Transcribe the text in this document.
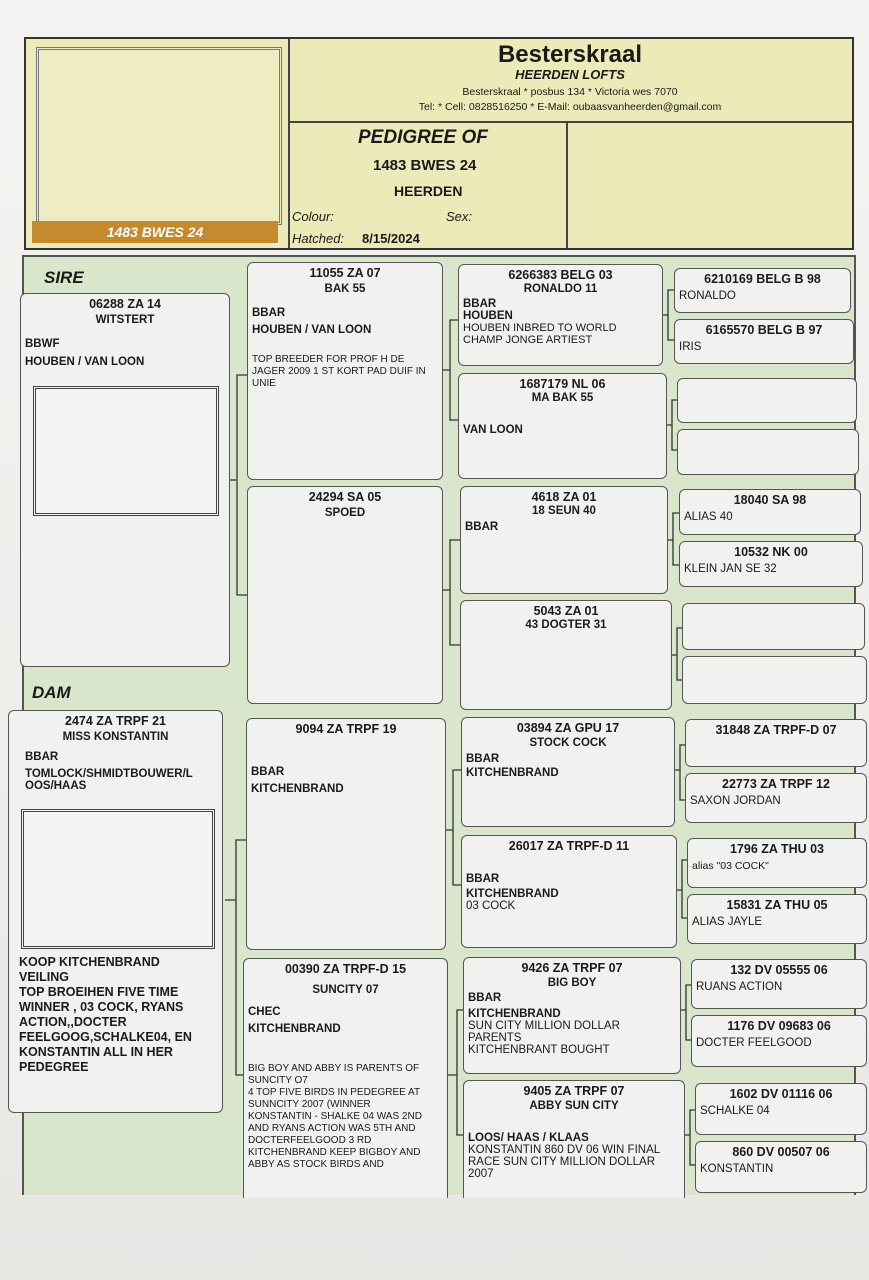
1483 BWES 24
Besterskraal
HEERDEN LOFTS
Besterskraal * posbus 134 * Victoria wes 7070
Tel: * Cell: 0828516250 * E-Mail: oubaasvanheerden@gmail.com
PEDIGREE OF
1483 BWES 24
HEERDEN
Colour:	Sex:
Hatched: 8/15/2024
SIRE
DAM
06288 ZA 14
WITSTERT
BBWF
HOUBEN / VAN LOON
2474 ZA TRPF 21
MISS KONSTANTIN
BBAR
TOMLOCK/SHMIDTBOUWER/L
OOS/HAAS
KOOP KITCHENBRAND
VEILING
TOP BROEIHEN FIVE TIME
WINNER , 03 COCK, RYANS
ACTION,,DOCTER
FEELGOOG,SCHALKE04, EN
KONSTANTIN ALL IN HER
PEDEGREE
11055 ZA 07
BAK 55
BBAR
HOUBEN / VAN LOON
TOP BREEDER FOR PROF H DE
JAGER 2009 1 ST KORT PAD DUIF IN
UNIE
24294 SA 05
SPOED
9094 ZA TRPF 19
BBAR
KITCHENBRAND
00390 ZA TRPF-D 15
SUNCITY 07
CHEC
KITCHENBRAND
BIG BOY AND ABBY IS PARENTS OF
SUNCITY O7
4 TOP FIVE BIRDS IN PEDEGREE AT
SUNNCITY 2007 (WINNER
KONSTANTIN - SHALKE 04 WAS 2ND
AND RYANS ACTION WAS 5TH AND
DOCTERFEELGOOD 3 RD
KITCHENBRAND KEEP BIGBOY AND
ABBY AS STOCK BIRDS AND
6266383 BELG 03
RONALDO 11
BBAR
HOUBEN
HOUBEN INBRED TO WORLD
CHAMP JONGE ARTIEST
1687179 NL 06
MA BAK 55
VAN LOON
4618 ZA 01
18 SEUN 40
BBAR
5043 ZA 01
43 DOGTER 31
03894 ZA GPU 17
STOCK COCK
BBAR
KITCHENBRAND
26017 ZA TRPF-D 11
BBAR
KITCHENBRAND
03 COCK
9426 ZA TRPF 07
BIG BOY
BBAR
KITCHENBRAND
SUN CITY MILLION DOLLAR
PARENTS
KITCHENBRANT BOUGHT
9405 ZA TRPF 07
ABBY SUN CITY
LOOS/ HAAS / KLAAS
KONSTANTIN 860 DV 06 WIN FINAL
RACE SUN CITY MILLION DOLLAR
2007
6210169 BELG B 98
RONALDO
6165570 BELG B 97
IRIS
18040 SA 98
ALIAS 40
10532 NK 00
KLEIN JAN SE 32
31848 ZA TRPF-D 07
22773 ZA TRPF 12
SAXON JORDAN
1796 ZA THU 03
alias "03 COCK"
15831 ZA THU 05
ALIAS JAYLE
132 DV 05555 06
RUANS ACTION
1176 DV 09683 06
DOCTER FEELGOOD
1602 DV 01116 06
SCHALKE 04
860 DV 00507 06
KONSTANTIN
